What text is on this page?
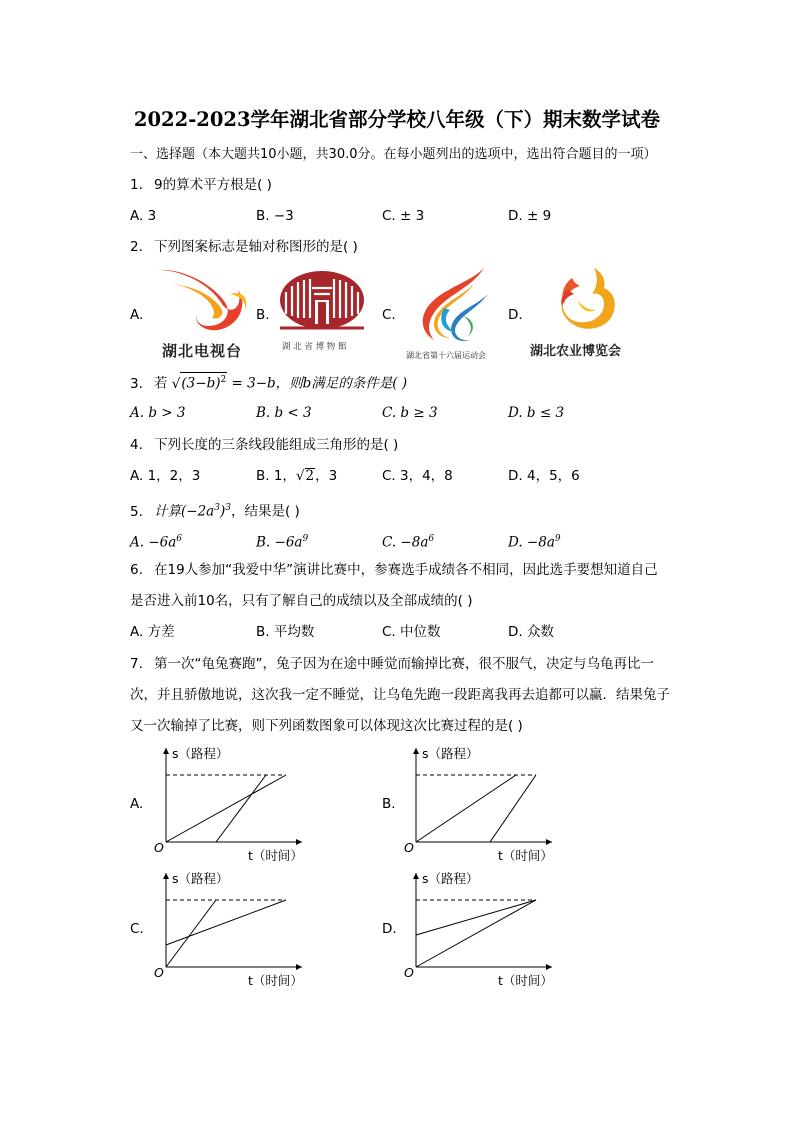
2022-2023学年湖北省部分学校八年级（下）期末数学试卷
一、选择题（本大题共10小题，共30.0分。在每小题列出的选项中，选出符合题目的一项）
1. 9的算术平方根是( )
A. 3	B. −3	C. ± 3	D. ± 9
2. 下列图案标志是轴对称图形的是( )
A.	B.	C.	D.
湖北电视台	湖 北 省 博 物 館
湖北省第十六届运动会	湖北农业博览会
3. 若 $√(3-b)^2 = 3-b$，则b满足的条件是( )
A. b > 3	B. b < 3	C. b ≥ 3	D. b ≤ 3
4. 下列长度的三条线段能组成三角形的是( )
A. 1，2，3	B. 1，√2，3	C. 3，4，8	D. 4，5，6
5. 计算$(-2a^3)^3$，结果是( )
A. $-6a^6$	B. $-6a^9$	C. $-8a^6$	D. $-8a^9$
6. 在19人参加“我爱中华”演讲比赛中，参赛选手成绩各不相同，因此选手要想知道自己
是否进入前10名，只有了解自己的成绩以及全部成绩的( )
A. 方差	B. 平均数	C. 中位数	D. 众数
7. 第一次“龟兔赛跑”，兔子因为在途中睡觉而输掉比赛，很不服气，决定与乌龟再比一
次，并且骄傲地说，这次我一定不睡觉，让乌龟先跑一段距离我再去追都可以赢．结果兔子
又一次输掉了比赛，则下列函数图象可以体现这次比赛过程的是( )
A.	B.
C.	D.
s（路程）
t（时间）
O
s（路程）
t（时间）
O
s（路程）
t（时间）
O
s（路程）
t（时间）
O
